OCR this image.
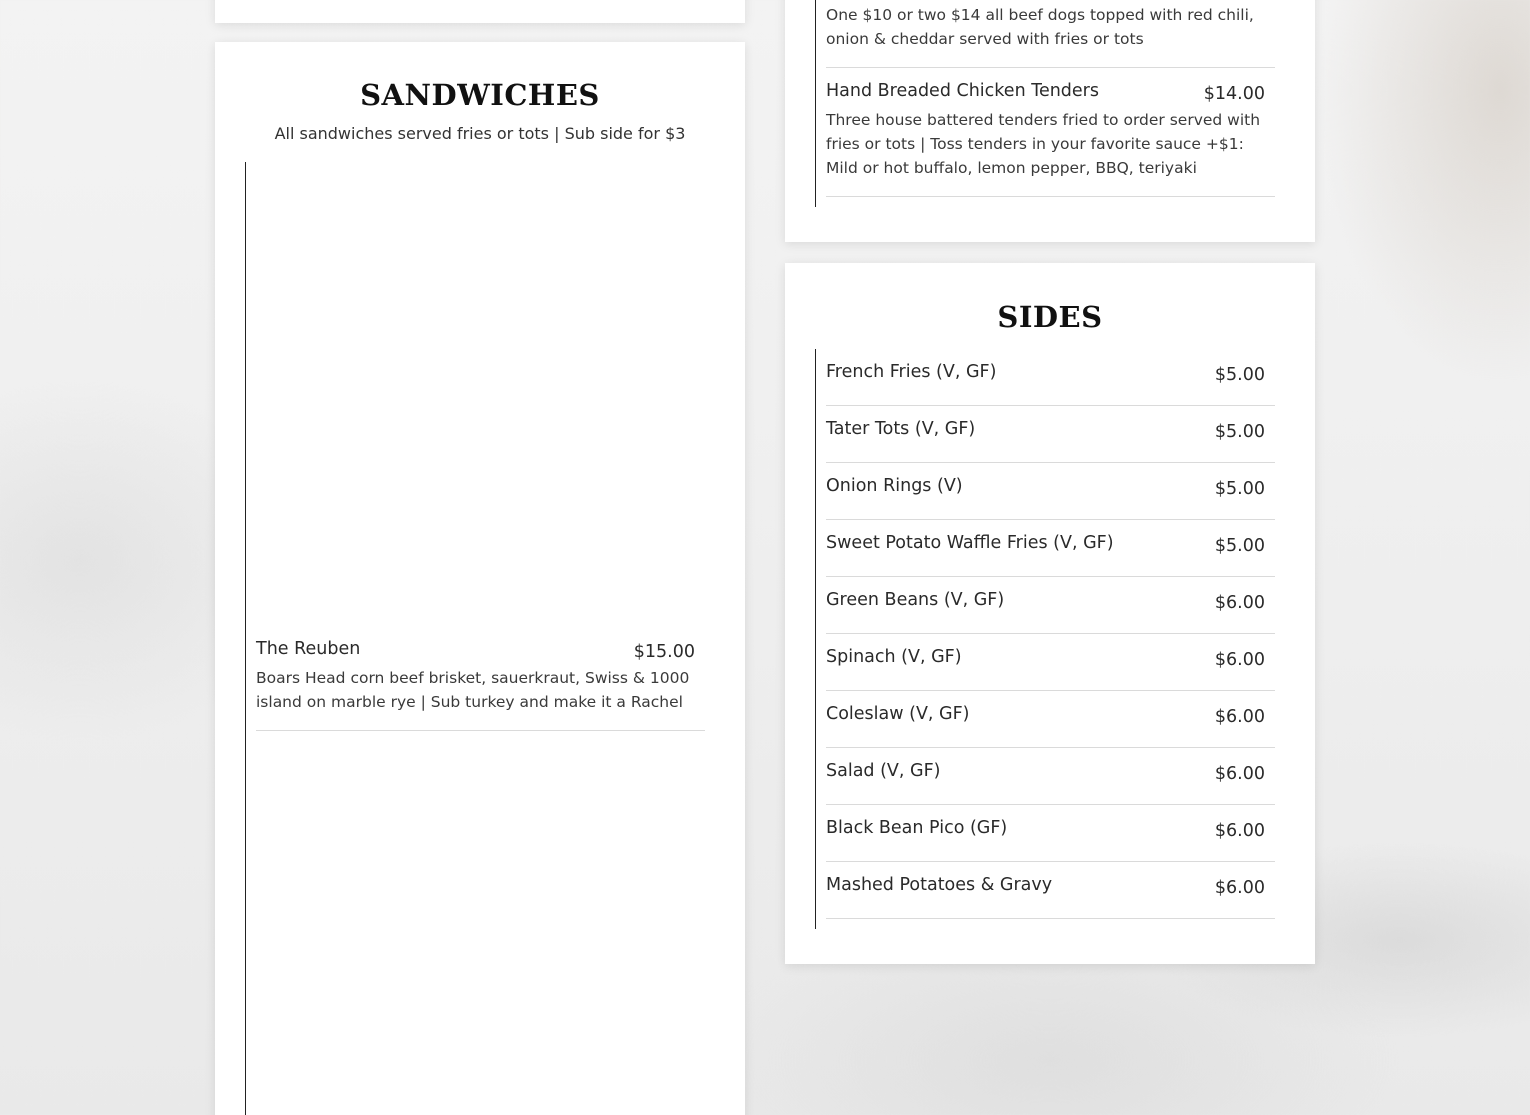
SANDWICHES
All sandwiches served fries or tots | Sub side for $3
The Reuben	$15.00
Boars Head corn beef brisket, sauerkraut, Swiss & 1000 island on marble rye | Sub turkey and make it a Rachel
One $10 or two $14 all beef dogs topped with red chili, onion & cheddar served with fries or tots
Hand Breaded Chicken Tenders	$14.00
Three house battered tenders fried to order served with fries or tots | Toss tenders in your favorite sauce +$1: Mild or hot buffalo, lemon pepper, BBQ, teriyaki
SIDES
French Fries (V, GF)	$5.00
Tater Tots (V, GF)	$5.00
Onion Rings (V)	$5.00
Sweet Potato Waffle Fries (V, GF)	$5.00
Green Beans (V, GF)	$6.00
Spinach (V, GF)	$6.00
Coleslaw (V, GF)	$6.00
Salad (V, GF)	$6.00
Black Bean Pico (GF)	$6.00
Mashed Potatoes & Gravy	$6.00
